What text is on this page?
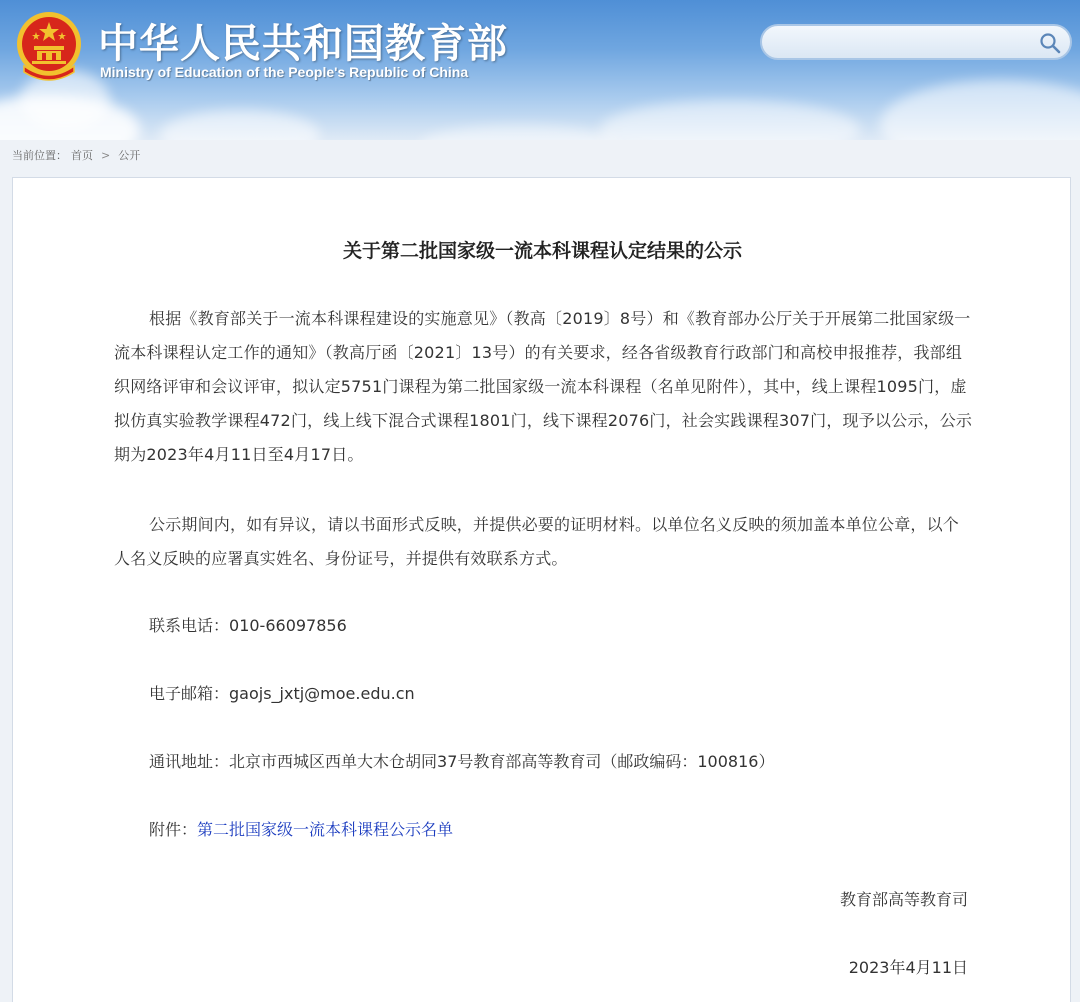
中华人民共和国教育部
Ministry of Education of the People's Republic of China
当前位置： 首页 > 公开
关于第二批国家级一流本科课程认定结果的公示
根据《教育部关于一流本科课程建设的实施意见》（教高〔2019〕8号）和《教育部办公厅关于开展第二批国家级一流本科课程认定工作的通知》（教高厅函〔2021〕13号）的有关要求，经各省级教育行政部门和高校申报推荐，我部组织网络评审和会议评审，拟认定5751门课程为第二批国家级一流本科课程（名单见附件），其中，线上课程1095门，虚拟仿真实验教学课程472门，线上线下混合式课程1801门，线下课程2076门，社会实践课程307门，现予以公示，公示期为2023年4月11日至4月17日。
公示期间内，如有异议，请以书面形式反映，并提供必要的证明材料。以单位名义反映的须加盖本单位公章，以个人名义反映的应署真实姓名、身份证号，并提供有效联系方式。
联系电话：010-66097856
电子邮箱：gaojs_jxtj@moe.edu.cn
通讯地址：北京市西城区西单大木仓胡同37号教育部高等教育司（邮政编码：100816）
附件：第二批国家级一流本科课程公示名单
教育部高等教育司
2023年4月11日
